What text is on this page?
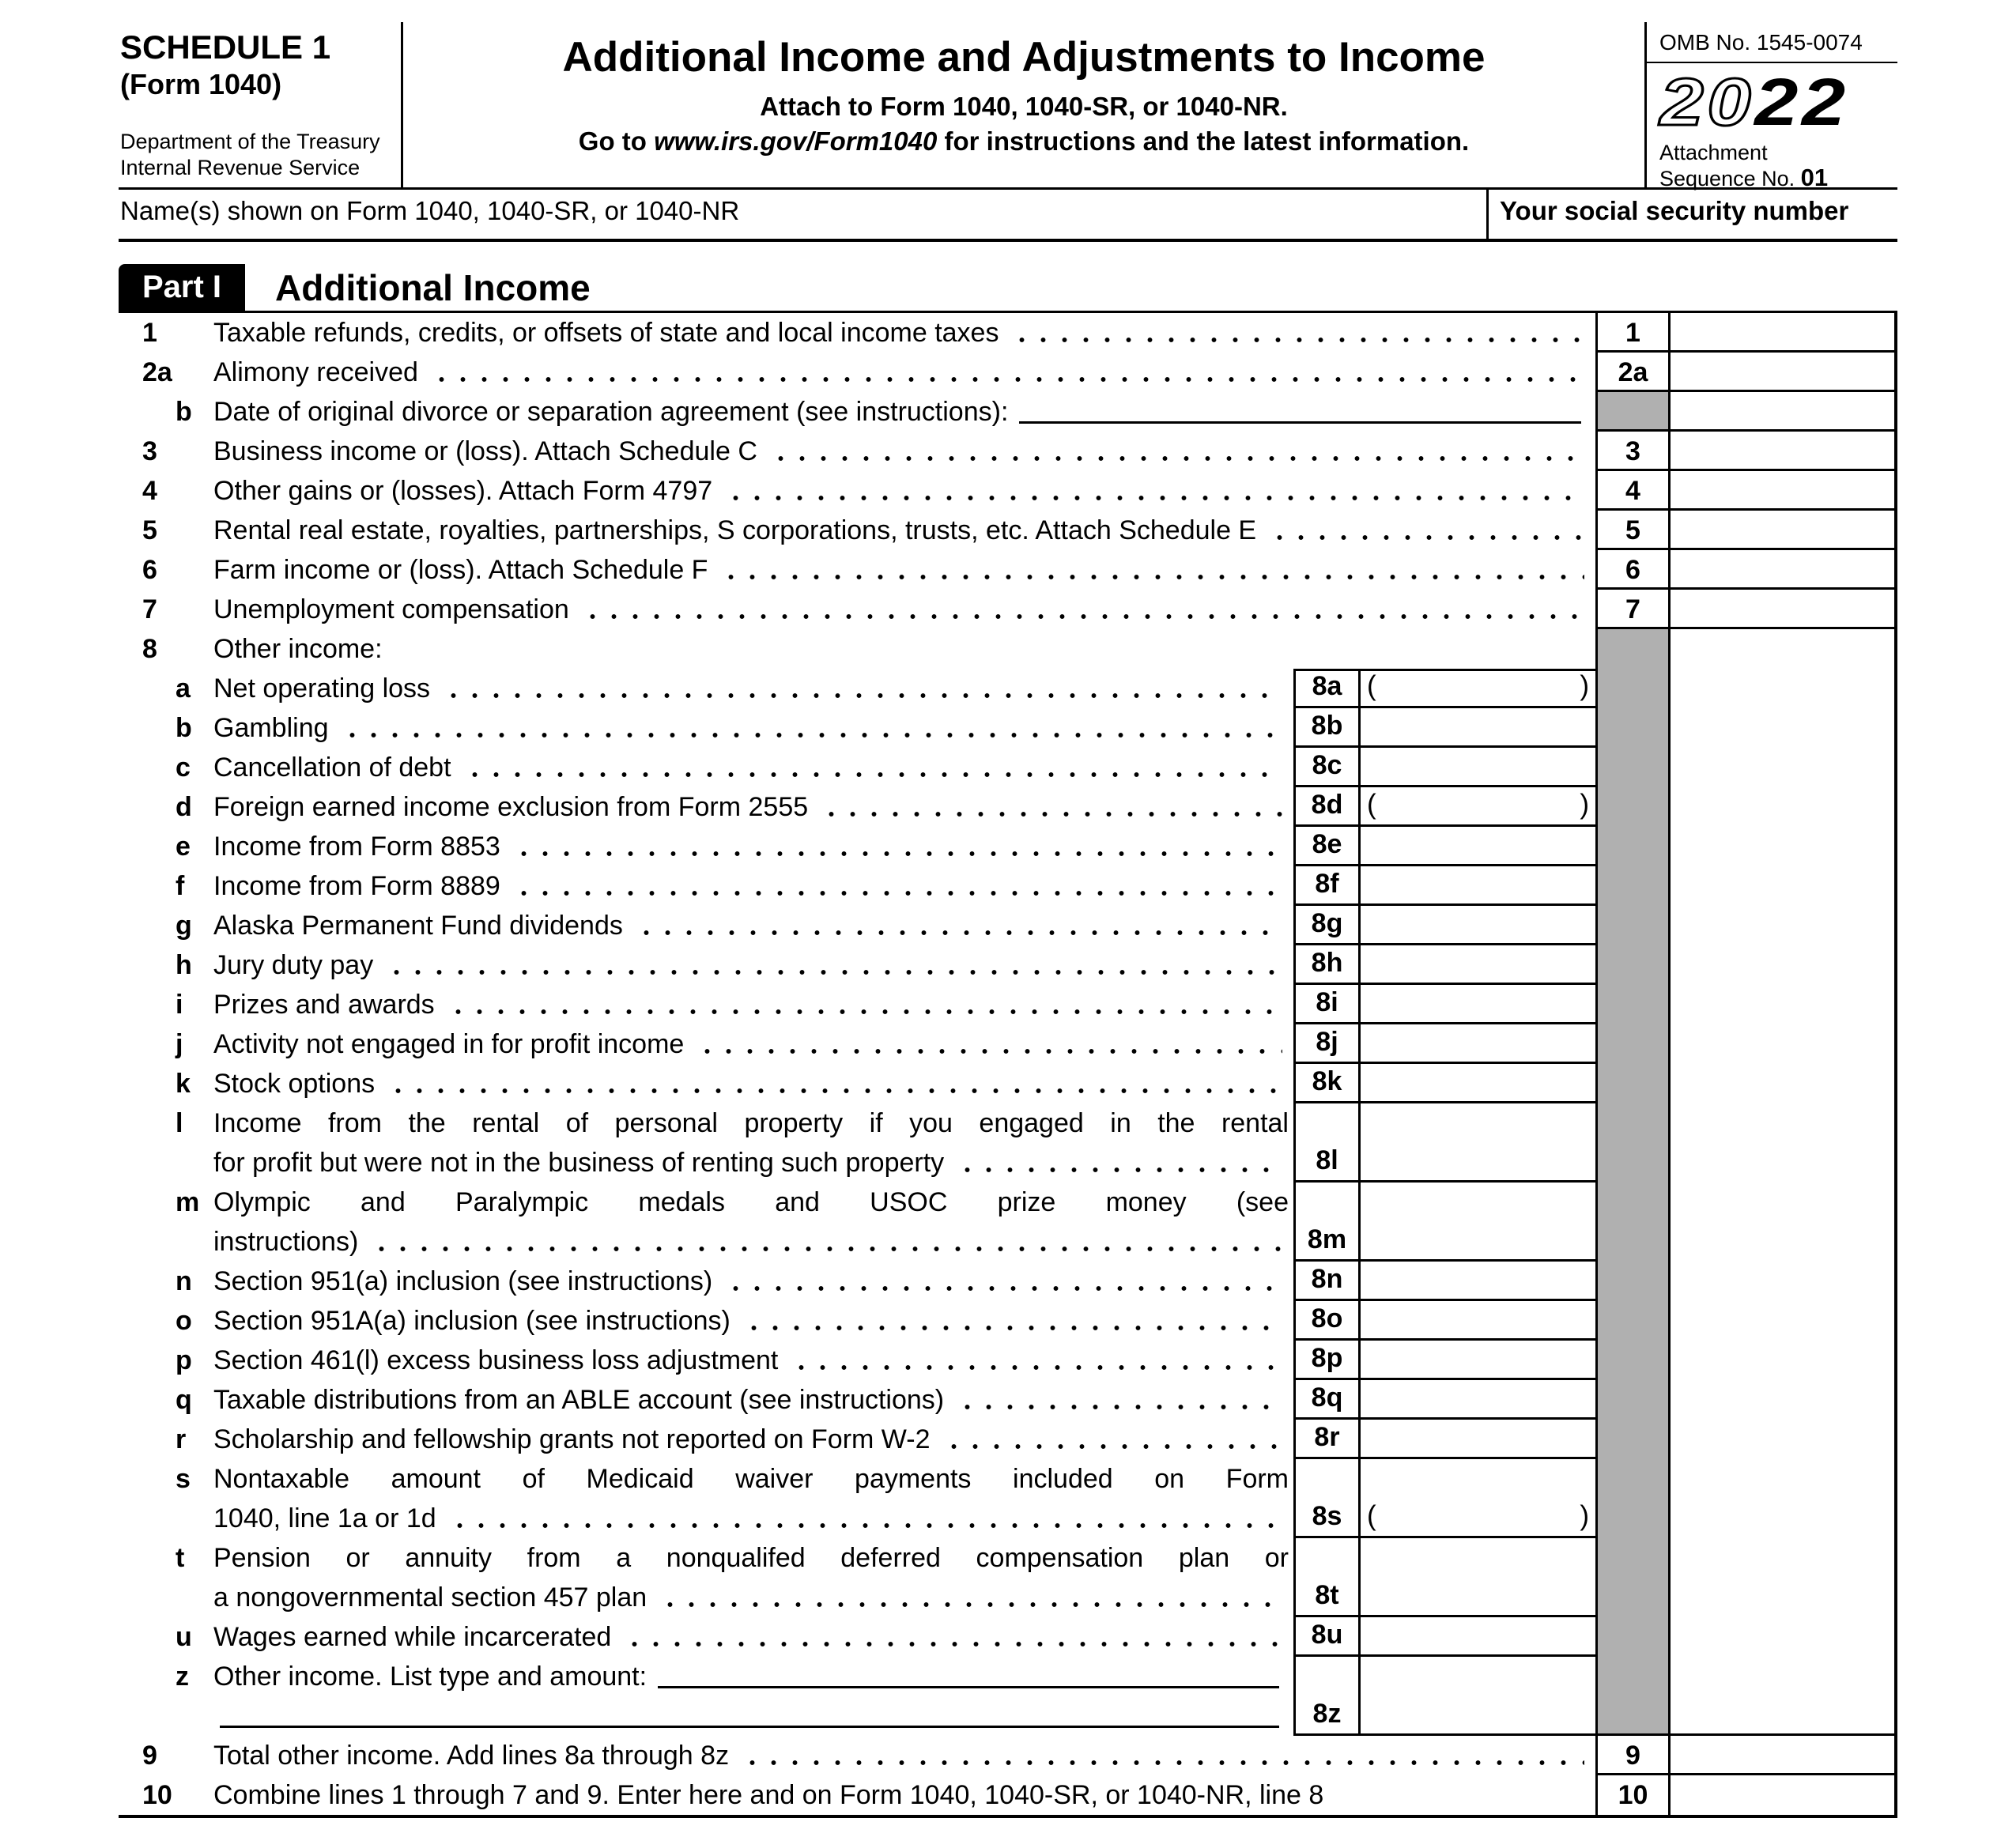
SCHEDULE 1
(Form 1040)
Department of the Treasury
Internal Revenue Service
Additional Income and Adjustments to Income
Attach to Form 1040, 1040-SR, or 1040-NR.
Go to www.irs.gov/Form1040 for instructions and the latest information.
OMB No. 1545-0074
2022
Attachment
Sequence No. 01
Name(s) shown on Form 1040, 1040-SR, or 1040-NR	Your social security number
Part I	Additional Income
1	Taxable refunds, credits, or offsets of state and local income taxes	1
2a	Alimony received	2a
b Date of original divorce or separation agreement (see instructions):
3	Business income or (loss). Attach Schedule C	3
4	Other gains or (losses). Attach Form 4797	4
5	Rental real estate, royalties, partnerships, S corporations, trusts, etc. Attach Schedule E	5
6	Farm income or (loss). Attach Schedule F	6
7	Unemployment compensation	7
8	Other income:
a Net operating loss	8a (	)
b Gambling	8b
c Cancellation of debt	8c
d Foreign earned income exclusion from Form 2555	8d (	)
e Income from Form 8853	8e
f	Income from Form 8889	8f
g Alaska Permanent Fund dividends	8g
h Jury duty pay	8h
i	Prizes and awards	8i
j	Activity not engaged in for profit income	8j
k Stock options	8k
l	Income from the rental of personal property if you engaged in the rental
for profit but were not in the business of renting such property	8l
m Olympic and Paralympic medals and USOC prize money (see
instructions)	8m
n Section 951(a) inclusion (see instructions)	8n
o Section 951A(a) inclusion (see instructions)	8o
p Section 461(l) excess business loss adjustment	8p
q Taxable distributions from an ABLE account (see instructions)	8q
r	Scholarship and fellowship grants not reported on Form W-2	8r
s Nontaxable amount of Medicaid waiver payments included on Form
1040, line 1a or 1d	8s (	)
t	Pension or annuity from a nonqualifed deferred compensation plan or
a nongovernmental section 457 plan	8t
u Wages earned while incarcerated	8u
z Other income. List type and amount:
8z
9	Total other income. Add lines 8a through 8z	9
10	Combine lines 1 through 7 and 9. Enter here and on Form 1040, 1040-SR, or 1040-NR, line 8	10
